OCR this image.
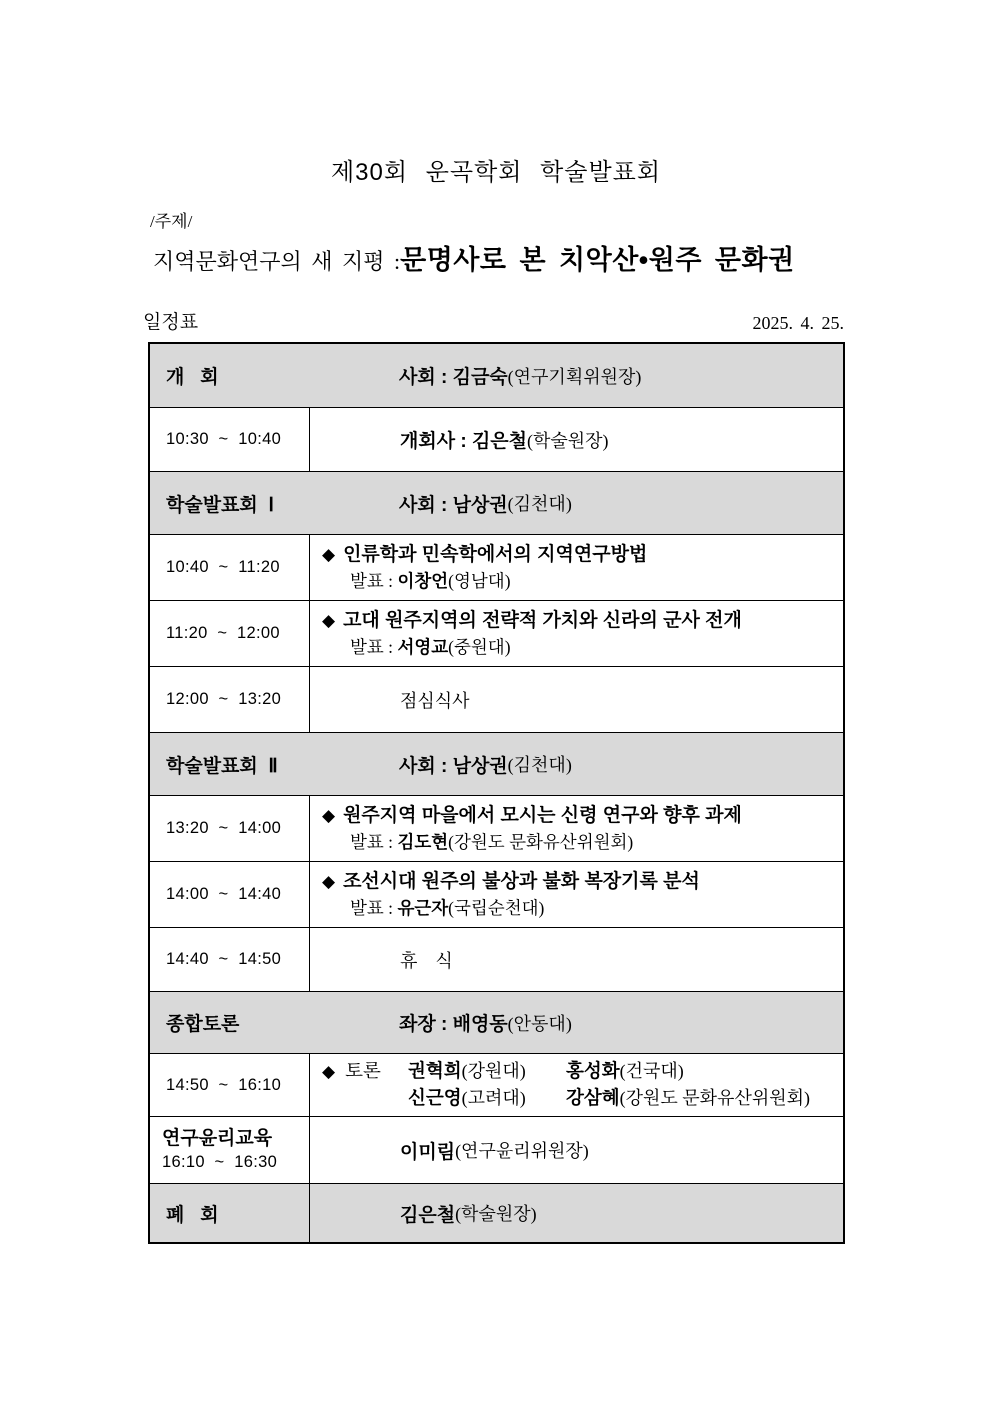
제30회 운곡학회 학술발표회
/주제/
지역문화연구의 새 지평 : 문명사로 본 치악산•원주 문화권
일정표	2025. 4. 25.
개   회	사회 : 김금숙 (연구기획위원장)
10:30  ~  10:40	개회사 : 김은철 (학술원장)
학술발표회  Ⅰ	사회 : 남상권 (김천대)
10:40  ~  11:20
◆ 인류학과 민속학에서의 지역연구방법
발표 : 이창언(영남대)
11:20  ~  12:00
◆ 고대 원주지역의 전략적 가치와 신라의 군사 전개
발표 : 서영교(중원대)
12:00  ~  13:20	점심식사
학술발표회  Ⅱ	사회 : 남상권 (김천대)
13:20  ~  14:00
◆ 원주지역 마을에서 모시는 신령 연구와 향후 과제
발표 : 김도현(강원도 문화유산위원회)
14:00  ~  14:40
◆ 조선시대 원주의 불상과 불화 복장기록 분석
발표 : 유근자(국립순천대)
14:40  ~  14:50	휴    식
종합토론	좌장 : 배영동 (안동대)
14:50  ~  16:10
◆ 토론	권혁희(강원대)	홍성화(건국대)
신근영(고려대)	강삼혜(강원도 문화유산위원회)
연구윤리교육
16:10  ~  16:30	이미림 (연구윤리위원장)
폐   회	김은철 (학술원장)
